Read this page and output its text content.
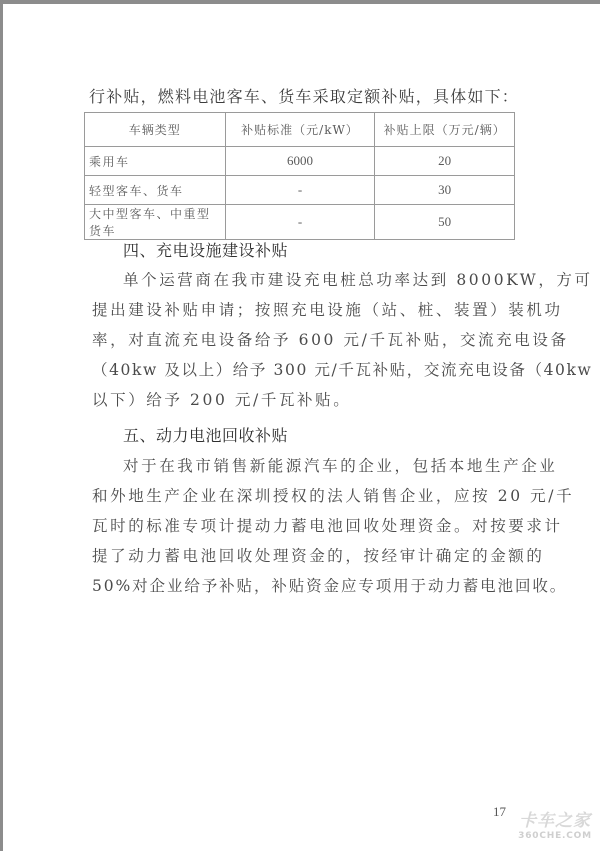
行补贴，燃料电池客车、货车采取定额补贴，具体如下：
车辆类型	补贴标准（元/kW）	补贴上限（万元/辆）
乘用车	6000	20
轻型客车、货车	-	30
大中型客车、中重型货车	-	50
四、充电设施建设补贴
单个运营商在我市建设充电桩总功率达到 8000KW，方可
提出建设补贴申请；按照充电设施（站、桩、装置）装机功
率，对直流充电设备给予 600 元/千瓦补贴，交流充电设备
（40kw 及以上）给予 300 元/千瓦补贴，交流充电设备（40kw
以下）给予 200 元/千瓦补贴。
五、动力电池回收补贴
对于在我市销售新能源汽车的企业，包括本地生产企业
和外地生产企业在深圳授权的法人销售企业，应按 20 元/千
瓦时的标准专项计提动力蓄电池回收处理资金。对按要求计
提了动力蓄电池回收处理资金的，按经审计确定的金额的
50%对企业给予补贴，补贴资金应专项用于动力蓄电池回收。
17 卡车之家
360CHE.COM
